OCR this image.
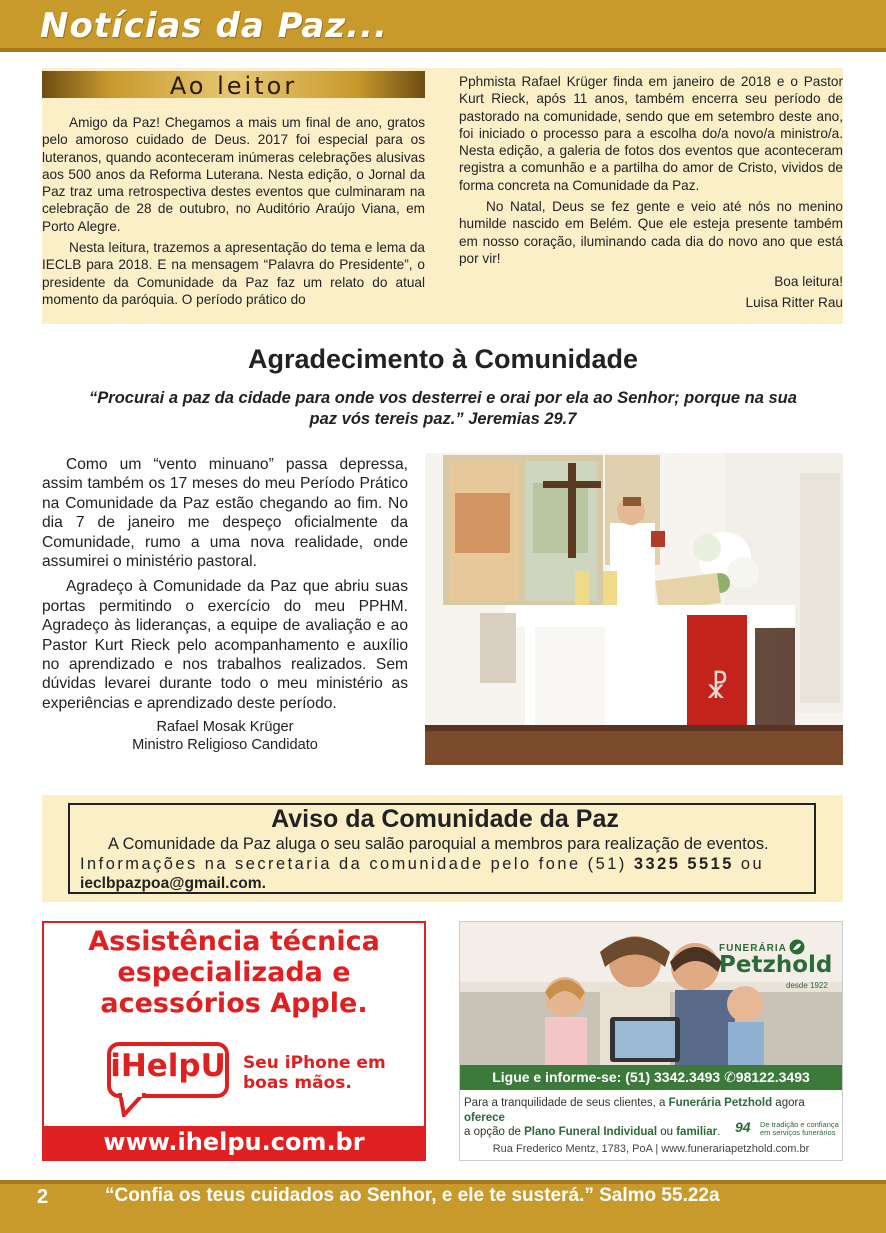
Notícias da Paz...
Ao leitor

Amigo da Paz! Chegamos a mais um final de ano, gratos pelo amoroso cuidado de Deus. 2017 foi especial para os luteranos, quando aconteceram inúmeras celebrações alusivas aos 500 anos da Reforma Luterana. Nesta edição, o Jornal da Paz traz uma retrospectiva destes eventos que culminaram na celebração de 28 de outubro, no Auditório Araújo Viana, em Porto Alegre.

Nesta leitura, trazemos a apresentação do tema e lema da IECLB para 2018. E na mensagem “Palavra do Presidente”, o presidente da Comunidade da Paz faz um relato do atual momento da paróquia. O período prático do

Pphmista Rafael Krüger finda em janeiro de 2018 e o Pastor Kurt Rieck, após 11 anos, também encerra seu período de pastorado na comunidade, sendo que em setembro deste ano, foi iniciado o processo para a escolha do/a novo/a ministro/a. Nesta edição, a galeria de fotos dos eventos que aconteceram registra a comunhão e a partilha do amor de Cristo, vividos de forma concreta na Comunidade da Paz.

No Natal, Deus se fez gente e veio até nós no menino humilde nascido em Belém. Que ele esteja presente também em nosso coração, iluminando cada dia do novo ano que está por vir!

Boa leitura!
Luisa Ritter Rau
Agradecimento à Comunidade
“Procurai a paz da cidade para onde vos desterrei e orai por ela ao Senhor; porque na sua paz vós tereis paz.” Jeremias 29.7

Como um “vento minuano” passa depressa, assim também os 17 meses do meu Período Prático na Comunidade da Paz estão chegando ao fim. No dia 7 de janeiro me despeço oficialmente da Comunidade, rumo a uma nova realidade, onde assumirei o ministério pastoral.

Agradeço à Comunidade da Paz que abriu suas portas permitindo o exercício do meu PPHM. Agradeço às lideranças, a equipe de avaliação e ao Pastor Kurt Rieck pelo acompanhamento e auxílio no aprendizado e nos trabalhos realizados. Sem dúvidas levarei durante todo o meu ministério as experiências e aprendizado deste período.

Rafael Mosak Krüger
Ministro Religioso Candidato
☧
Aviso da Comunidade da Paz
A Comunidade da Paz aluga o seu salão paroquial a membros para realização de eventos.
Informações na secretaria da comunidade pelo fone (51) 3325 5515 ou
ieclbpazpoa@gmail.com.
Assistência técnica especializada e acessórios Apple.
iHelpU Seu iPhone em boas mãos.
www.ihelpu.com.br
FUNERÁRIA
Petzhold
desde 1922
Ligue e informe-se: (51) 3342.3493 ✆98122.3493
Para a tranquilidade de seus clientes, a Funerária Petzhold agora oferece
a opção de Plano Funeral Individual ou familiar.	94 De tradição e confiança em serviços funerários
Rua Frederico Mentz, 1783, PoA | www.funerariapetzhold.com.br
2	“Confia os teus cuidados ao Senhor, e ele te susterá.” Salmo 55.22a
